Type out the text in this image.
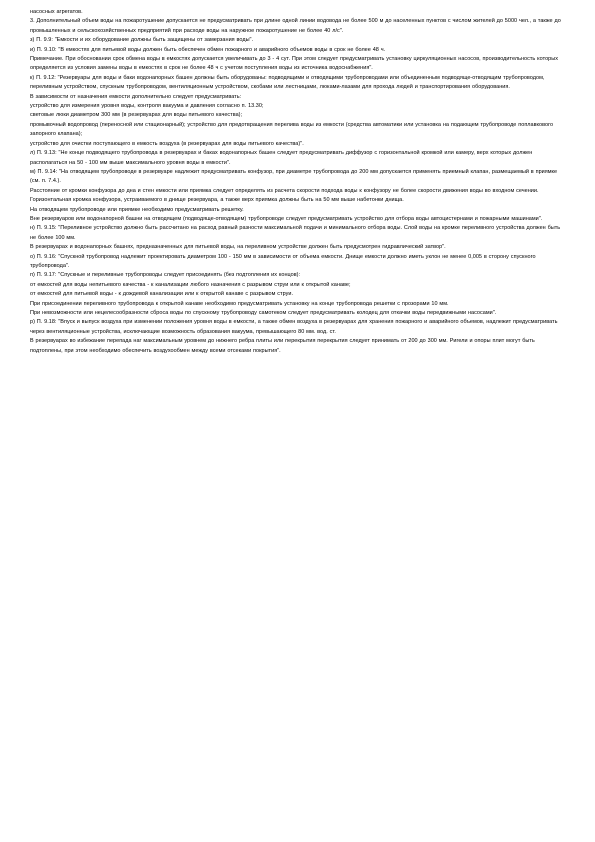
насосных агрегатов.

3. Дополнительный объем воды на пожаротушение допускается не предусматривать при длине одной линии водовода не более 500 м до населенных пунктов с числом жителей до 5000 чел., а также до промышленных и сельскохозяйственных предприятий при расходе воды на наружное пожаротушение не более 40 л/с".

з) П. 9.9: "Емкости и их оборудование должны быть защищены от замерзания воды".

и) П. 9.10: "В емкостях для питьевой воды должен быть обеспечен обмен пожарного и аварийного объемов воды в срок не более 48 ч.

Примечание. При обосновании срок обмена воды в емкостях допускается увеличивать до 3 - 4 сут. При этом следует предусматривать установку циркуляционных насосов, производительность которых определяется из условия замены воды в емкостях в срок не более 48 ч с учетом поступления воды из источника водоснабжения".

к) П. 9.12: "Резервуары для воды и баки водонапорных башен должны быть оборудованы: подводящими и отводящими трубопроводами или объединенным подводяще-отводящим трубопроводом, переливным устройством, спускным трубопроводом, вентиляционным устройством, скобами или лестницами, люками-лазами для прохода людей и транспортирования оборудования.

В зависимости от назначения емкости дополнительно следует предусматривать:

устройство для измерения уровня воды, контроля вакуума и давления согласно п. 13.30;

световые люки диаметром 300 мм (в резервуарах для воды питьевого качества);

промывочный водопровод (переносной или стационарный); устройство для предотвращения перелива воды из емкости (средства автоматики или установка на подающем трубопроводе поплавкового запорного клапана);

устройство для очистки поступающего в емкость воздуха (в резервуарах для воды питьевого качества)".

л) П. 9.13: "Не конце подводящего трубопровода в резервуарах и баках водонапорных башен следует предусматривать диффузор с горизонтальной кромкой или камеру, верх которых должен располагаться на 50 - 100 мм выше максимального уровня воды в емкости".

м) П. 9.14: "На отводящем трубопроводе в резервуаре надлежит предусматривать конфузор, при диаметре трубопровода до 200 мм допускается применять приемный клапан, размещаемый в приямке (см. п. 7.4.).

Расстояние от кромки конфузора до дна и стен емкости или приямка следует определять из расчета скорости подхода воды к конфузору не более скорости движения воды во входном сечении.

Горизонтальная кромка конфузора, устраиваемого в днище резервуара, а также верх приямка должны быть на 50 мм выше набетонки днища.

На отводящем трубопроводе или приямке необходимо предусматривать решетку.

Вне резервуаров или водонапорной башни на отводящем (подводяще-отводящем) трубопроводе следует предусматривать устройство для отбора воды автоцистернами и пожарными машинами".

н) П. 9.15: "Переливное устройство должно быть рассчитано на расход равный разности максимальной подачи и минимального отбора воды. Слой воды на кромке переливного устройства должен быть не более 100 мм.

В резервуарах и водонапорных башнях, предназначенных для питьевой воды, на переливном устройстве должен быть предусмотрен гидравлический затвор".

о) П. 9.16: "Спускной трубопровод надлежит проектировать диаметром 100 - 150 мм в зависимости от объема емкости. Днище емкости должно иметь уклон не менее 0,005 в сторону спускного трубопровода".

п) П. 9.17: "Спускные и переливные трубопроводы следует присоединять (без подтопления их концов):

от емкостей для воды непитьевого качества - к канализации любого назначения с разрывом струи или к открытой канаве;

от емкостей для питьевой воды - к дождевой канализации или к открытой канаве с разрывом струи.

При присоединении переливного трубопровода к открытой канаве необходимо предусматривать установку на конце трубопровода решетки с прозорами 10 мм.

При невозможности или нецелесообразности сброса воды по спускному трубопроводу самотеком следует предусматривать колодец для откачки воды передвижными насосами".

р) П. 9.18: "Впуск и выпуск воздуха при изменении положения уровня воды в емкости, а также обмен воздуха в резервуарах для хранения пожарного и аварийного объемов, надлежит предусматривать через вентиляционные устройства, исключающие возможность образования вакуума, превышающего 80 мм. вод. ст.

В резервуарах во избежание перепада наг максимальным уровнем до нижнего ребра плиты или перекрытия перекрытия следует принимать от 200 до 300 мм. Ригели и опоры плит могут быть подтоплены, при этом необходимо обеспечить воздухообмен между всеми отсеками покрытия".
